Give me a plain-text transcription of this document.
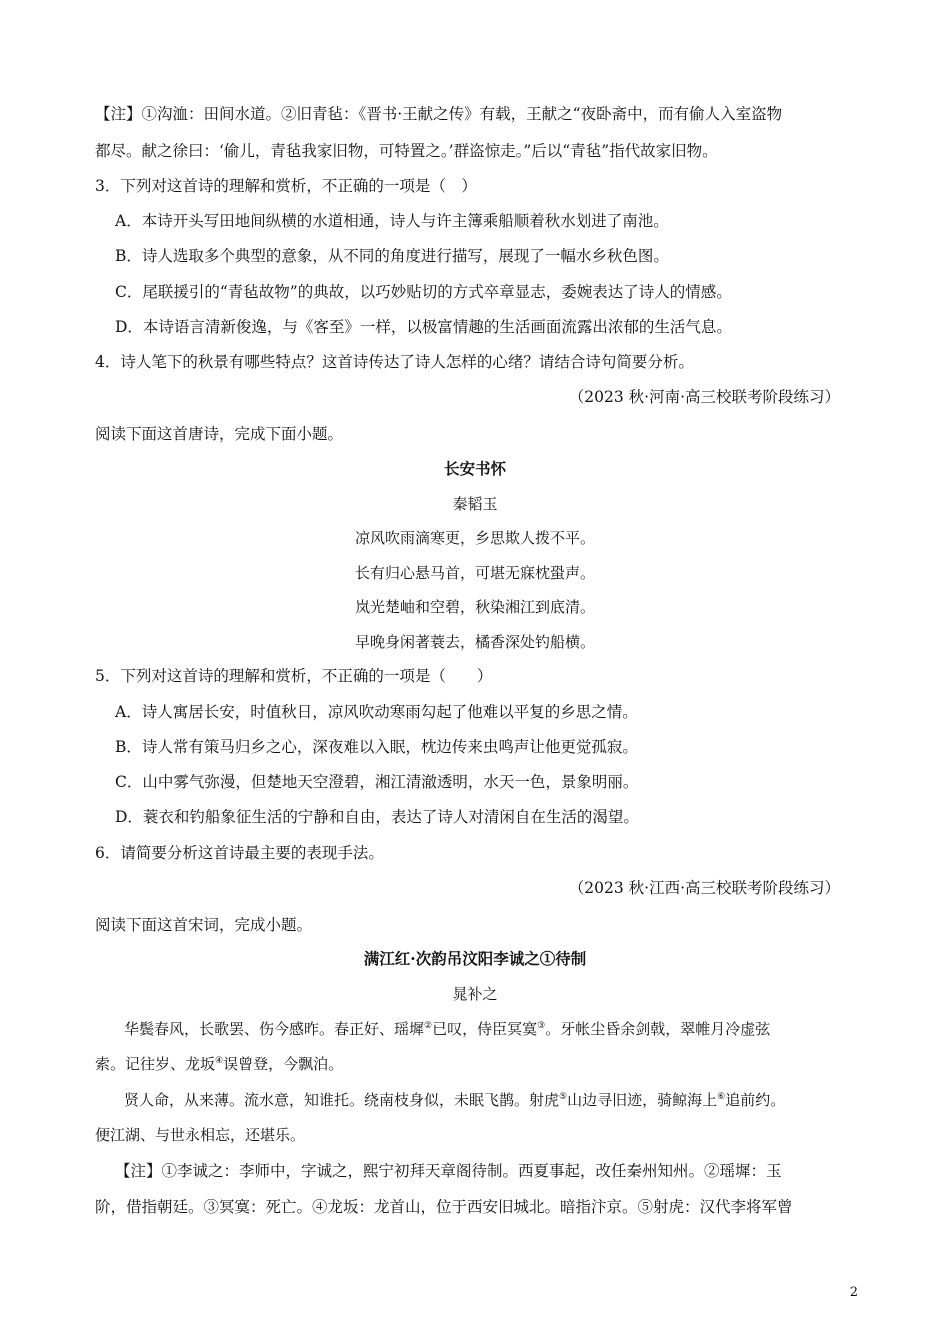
【注】①沟洫：田间水道。②旧青毡：《晋书·王献之传》有载，王献之“夜卧斋中，而有偷人入室盗物
都尽。献之徐曰：‘偷儿，青毡我家旧物，可特置之。’群盗惊走。”后以“青毡”指代故家旧物。
3．下列对这首诗的理解和赏析，不正确的一项是（　）
A．本诗开头写田地间纵横的水道相通，诗人与许主簿乘船顺着秋水划进了南池。
B．诗人选取多个典型的意象，从不同的角度进行描写，展现了一幅水乡秋色图。
C．尾联援引的“青毡故物”的典故，以巧妙贴切的方式卒章显志，委婉表达了诗人的情感。
D．本诗语言清新俊逸，与《客至》一样，以极富情趣的生活画面流露出浓郁的生活气息。
4．诗人笔下的秋景有哪些特点？这首诗传达了诗人怎样的心绪？请结合诗句简要分析。
（2023 秋·河南·高三校联考阶段练习）
阅读下面这首唐诗，完成下面小题。
长安书怀
秦韬玉
凉风吹雨滴寒更，乡思欺人拨不平。
长有归心悬马首，可堪无寐枕蛩声。
岚光楚岫和空碧，秋染湘江到底清。
早晚身闲著蓑去，橘香深处钓船横。
5．下列对这首诗的理解和赏析，不正确的一项是（　　）
A．诗人寓居长安，时值秋日，凉风吹动寒雨勾起了他难以平复的乡思之情。
B．诗人常有策马归乡之心，深夜难以入眠，枕边传来虫鸣声让他更觉孤寂。
C．山中雾气弥漫，但楚地天空澄碧，湘江清澈透明，水天一色，景象明丽。
D．蓑衣和钓船象征生活的宁静和自由，表达了诗人对清闲自在生活的渴望。
6．请简要分析这首诗最主要的表现手法。
（2023 秋·江西·高三校联考阶段练习）
阅读下面这首宋词，完成小题。
满江红·次韵吊汶阳李诚之①待制
晁补之
华鬓春风，长歌罢、伤今感昨。春正好、瑶墀②已叹，侍臣冥寞③。牙帐尘昏余剑戟，翠帷月冷虚弦
索。记往岁、龙坂④误曾登，今飘泊。
贤人命，从来薄。流水意，知谁托。绕南枝身似，未眠飞鹊。射虎⑤山边寻旧迹，骑鲸海上⑥追前约。
便江湖、与世永相忘，还堪乐。
【注】①李诚之：李师中，字诚之，熙宁初拜天章阁待制。西夏事起，改任秦州知州。②瑶墀：玉
阶，借指朝廷。③冥寞：死亡。④龙坂：龙首山，位于西安旧城北。暗指汴京。⑤射虎：汉代李将军曾
2
